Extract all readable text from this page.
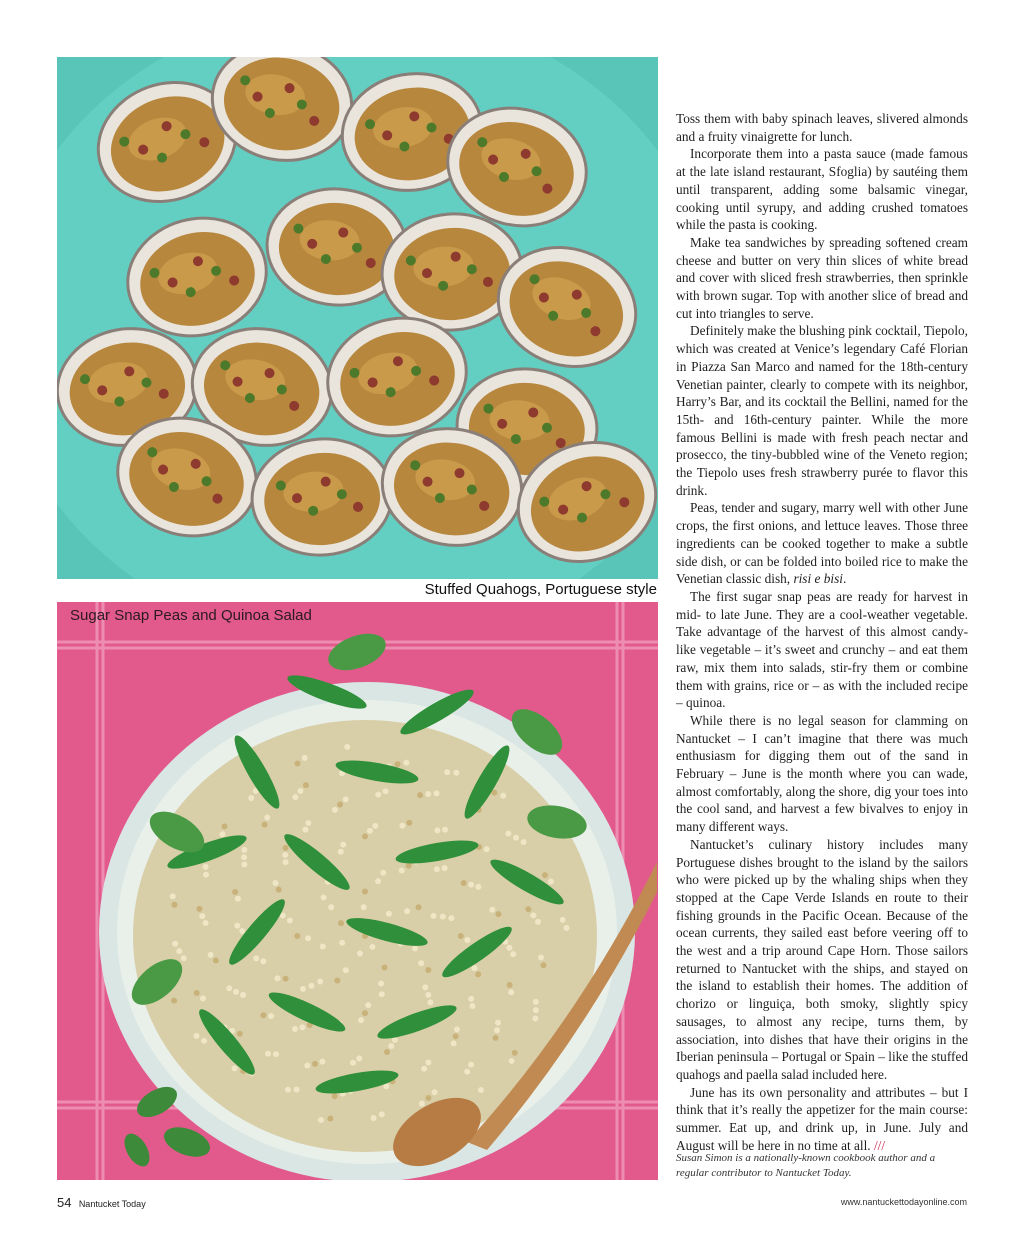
Stuffed Quahogs, Portuguese style
Sugar Snap Peas and Quinoa Salad

Toss them with baby spinach leaves, slivered almonds and a fruity vinaigrette for lunch.

Incorporate them into a pasta sauce (made famous at the late island restaurant, Sfoglia) by sautéing them until transparent, adding some balsamic vinegar, cooking until syrupy, and adding crushed tomatoes while the pasta is cooking.

Make tea sandwiches by spreading softened cream cheese and butter on very thin slices of white bread and cover with sliced fresh strawberries, then sprinkle with brown sugar. Top with another slice of bread and cut into triangles to serve.

Definitely make the blushing pink cocktail, Tiepolo, which was created at Venice’s legendary Café Florian in Piazza San Marco and named for the 18th-century Venetian painter, clearly to compete with its neighbor, Harry’s Bar, and its cocktail the Bellini, named for the 15th- and 16th-century painter. While the more famous Bellini is made with fresh peach nectar and prosecco, the tiny-bubbled wine of the Veneto region; the Tiepolo uses fresh strawberry purée to flavor this drink.

Peas, tender and sugary, marry well with other June crops, the first onions, and lettuce leaves. Those three ingredients can be cooked together to make a subtle side dish, or can be folded into boiled rice to make the Venetian classic dish, risi e bisi.

The first sugar snap peas are ready for harvest in mid- to late June. They are a cool-weather vegetable. Take advantage of the harvest of this almost candy-like vegetable – it’s sweet and crunchy – and eat them raw, mix them into salads, stir-fry them or combine them with grains, rice or – as with the included recipe – quinoa.

While there is no legal season for clamming on Nantucket – I can’t imagine that there was much enthusiasm for digging them out of the sand in February – June is the month where you can wade, almost comfortably, along the shore, dig your toes into the cool sand, and harvest a few bivalves to enjoy in many different ways.

Nantucket’s culinary history includes many Portuguese dishes brought to the island by the sailors who were picked up by the whaling ships when they stopped at the Cape Verde Islands en route to their fishing grounds in the Pacific Ocean. Because of the ocean currents, they sailed east before veering off to the west and a trip around Cape Horn. Those sailors returned to Nantucket with the ships, and stayed on the island to establish their homes. The addition of chorizo or linguiça, both smoky, slightly spicy sausages, to almost any recipe, turns them, by association, into dishes that have their origins in the Iberian peninsula – Portugal or Spain – like the stuffed quahogs and paella salad included here.

June has its own personality and attributes – but I think that it’s really the appetizer for the main course: summer. Eat up, and drink up, in June. July and August will be here in no time at all. ///

Susan Simon is a nationally-known cookbook author and a regular contributor to Nantucket Today.
54 Nantucket Today	www.nantuckettodayonline.com
